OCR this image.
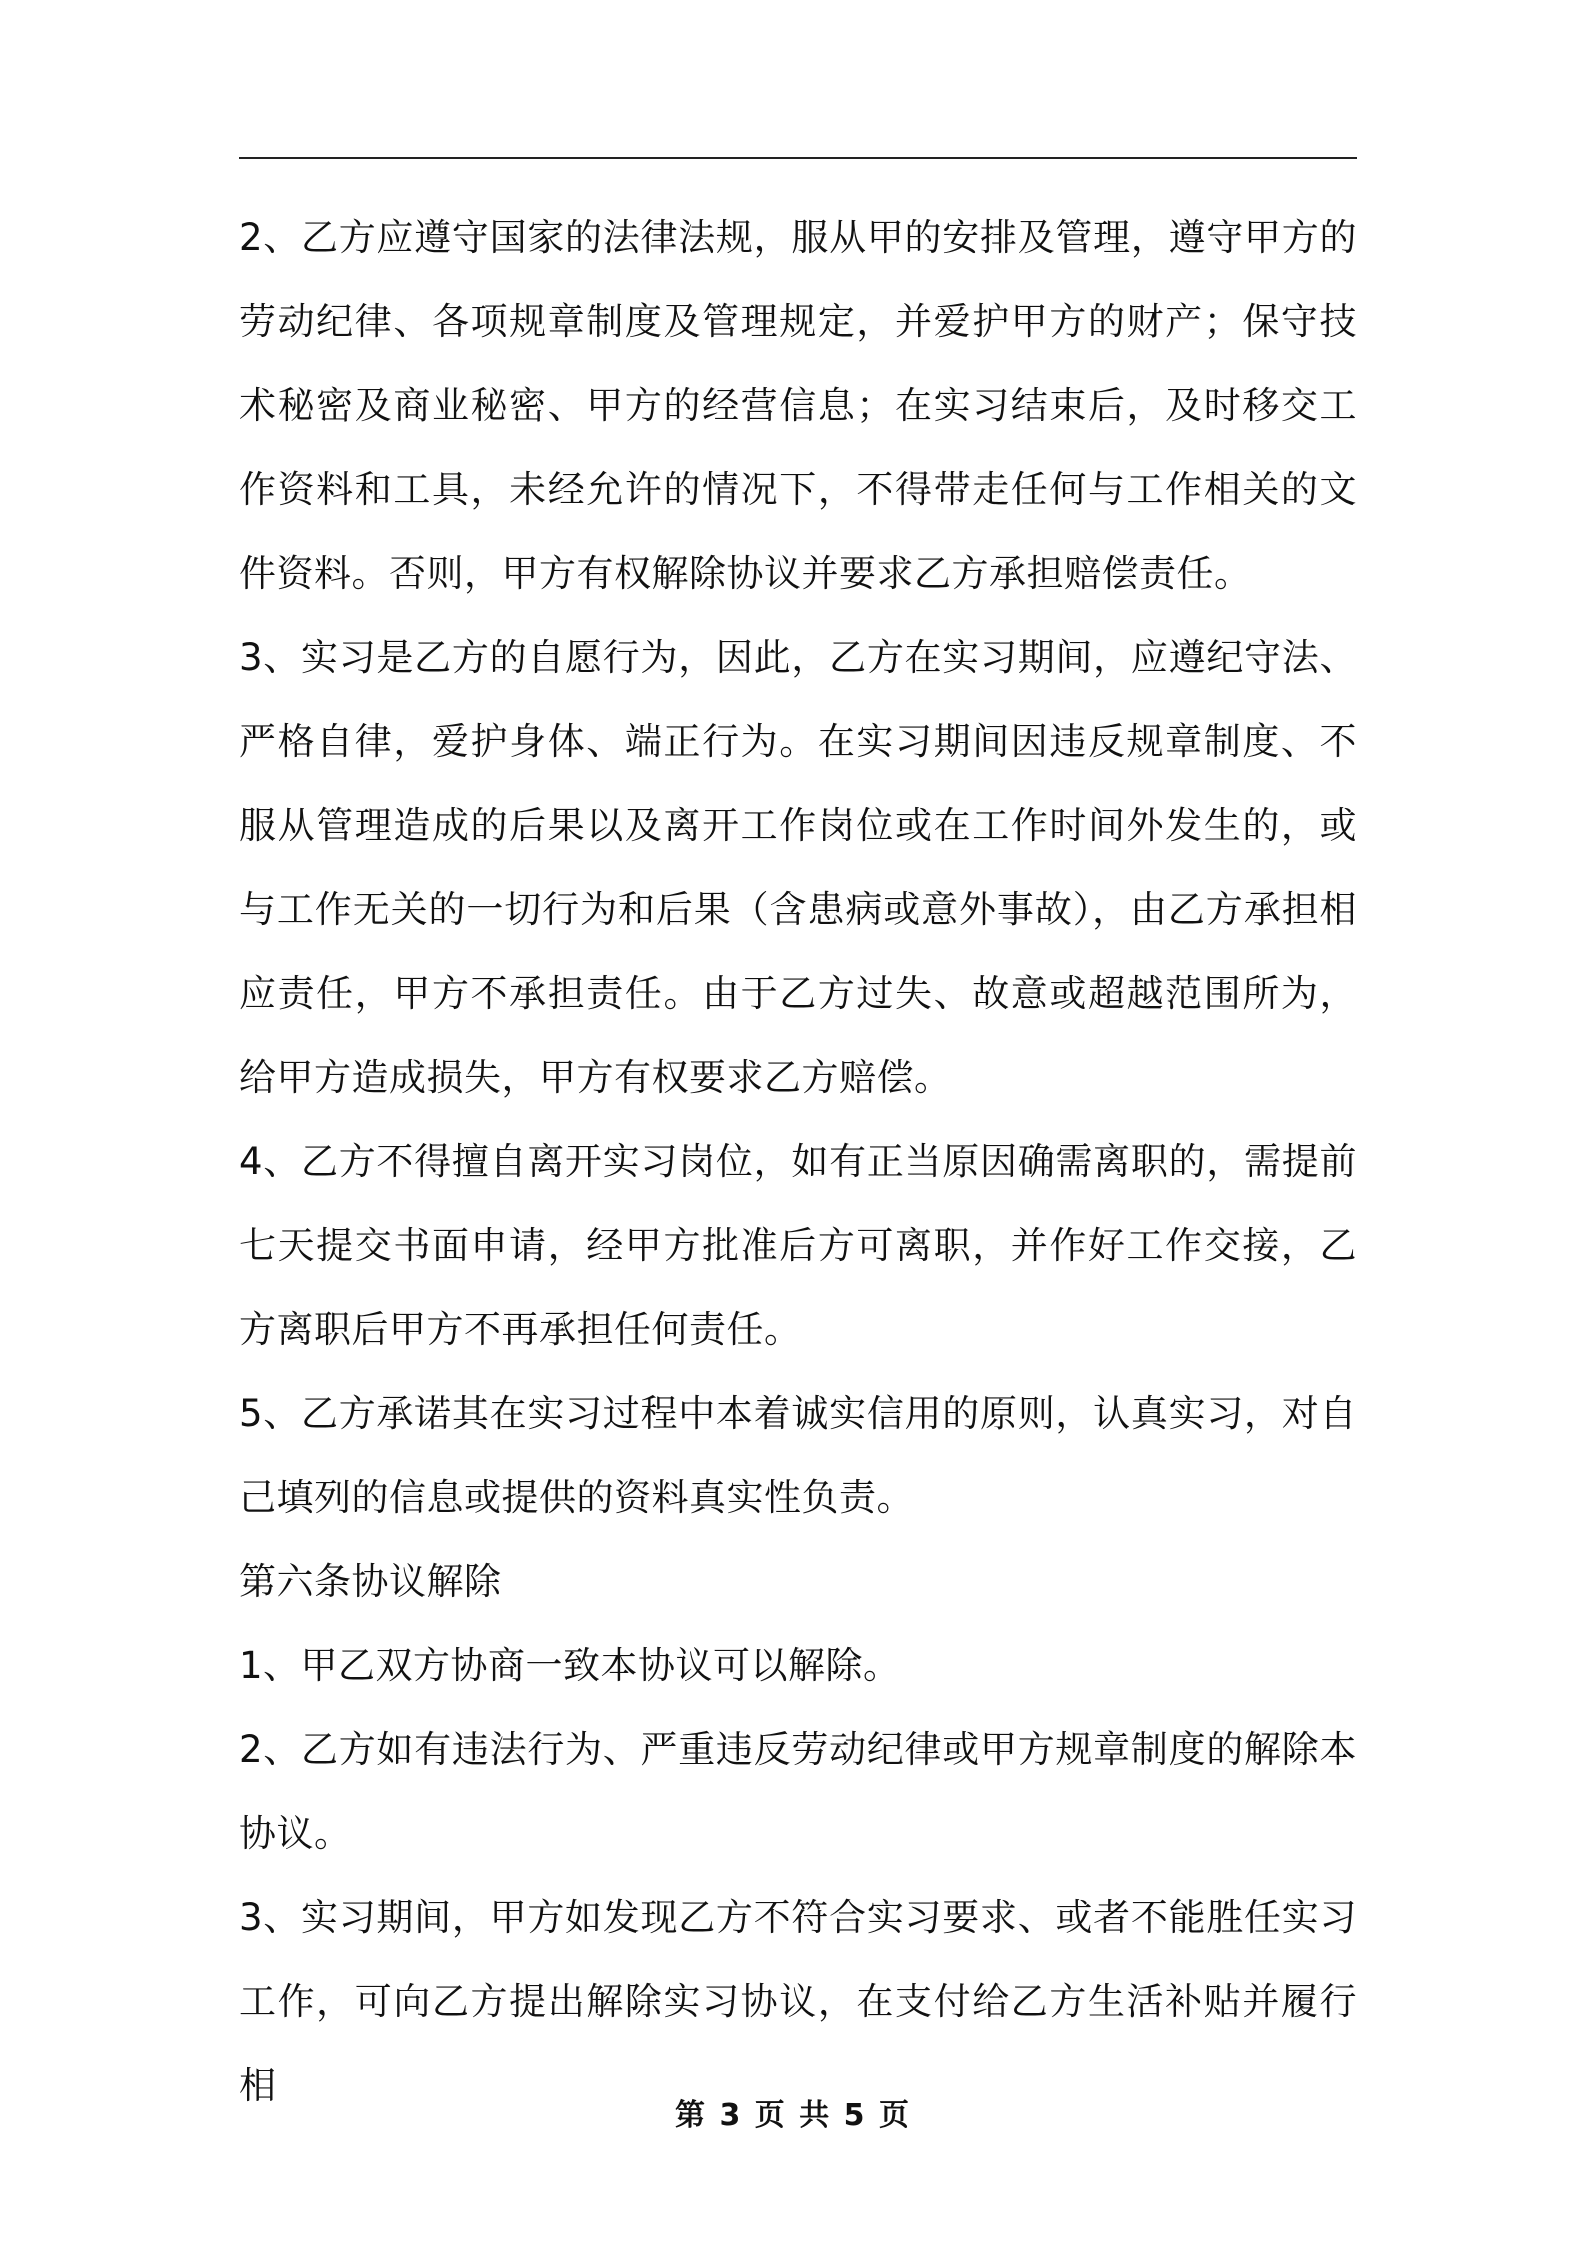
2、乙方应遵守国家的法律法规，服从甲的安排及管理，遵守甲方的劳动纪律、各项规章制度及管理规定，并爱护甲方的财产；保守技术秘密及商业秘密、甲方的经营信息；在实习结束后，及时移交工作资料和工具，未经允许的情况下，不得带走任何与工作相关的文件资料。否则，甲方有权解除协议并要求乙方承担赔偿责任。

3、实习是乙方的自愿行为，因此，乙方在实习期间，应遵纪守法、严格自律，爱护身体、端正行为。在实习期间因违反规章制度、不服从管理造成的后果以及离开工作岗位或在工作时间外发生的，或与工作无关的一切行为和后果（含患病或意外事故），由乙方承担相应责任，甲方不承担责任。由于乙方过失、故意或超越范围所为，给甲方造成损失，甲方有权要求乙方赔偿。

4、乙方不得擅自离开实习岗位，如有正当原因确需离职的，需提前七天提交书面申请，经甲方批准后方可离职，并作好工作交接，乙方离职后甲方不再承担任何责任。

5、乙方承诺其在实习过程中本着诚实信用的原则，认真实习，对自己填列的信息或提供的资料真实性负责。

第六条协议解除

1、甲乙双方协商一致本协议可以解除。

2、乙方如有违法行为、严重违反劳动纪律或甲方规章制度的解除本协议。

3、实习期间，甲方如发现乙方不符合实习要求、或者不能胜任实习工作，可向乙方提出解除实习协议，在支付给乙方生活补贴并履行相

第 3 页 共 5 页
